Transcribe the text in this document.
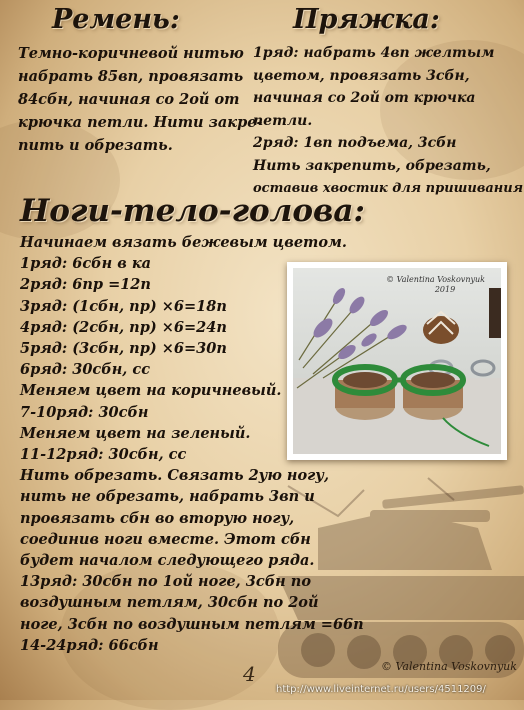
Ремень:
Темно-коричневой нитью
набрать 85вп, провязать
84сбн, начиная со 2ой от
крючка петли. Нити закре-
пить и обрезать.
Пряжка:
1ряд: набрать 4вп желтым
цветом, провязать 3сбн,
начиная со 2ой от крючка
петли.
2ряд: 1вп подъема, 3сбн
Нить закрепить, обрезать,
оставив хвостик для пришивания
Ноги-тело-голова:
Начинаем вязать бежевым цветом.
1ряд: 6сбн в ка
2ряд: 6пр =12п
3ряд: (1сбн, пр) ×6=18п
4ряд: (2сбн, пр) ×6=24п
5ряд: (3сбн, пр) ×6=30п
6ряд: 30сбн, сс
Меняем цвет на коричневый.
7-10ряд: 30сбн
Меняем цвет на зеленый.
11-12ряд: 30сбн, сс
Нить обрезать. Связать 2ую ногу,
нить не обрезать, набрать 3вп и
провязать сбн во вторую ногу,
соединив ноги вместе. Этот сбн
будет началом следующего ряда.
13ряд: 30сбн по 1ой ноге, 3сбн по
воздушным петлям, 30сбн по 2ой
ноге, 3сбн по воздушным петлям =66п
14-24ряд: 66сбн
© Valentina Voskovnyuk
2019
4	© Valentina Voskovnyuk
http://www.liveinternet.ru/users/4511209/
